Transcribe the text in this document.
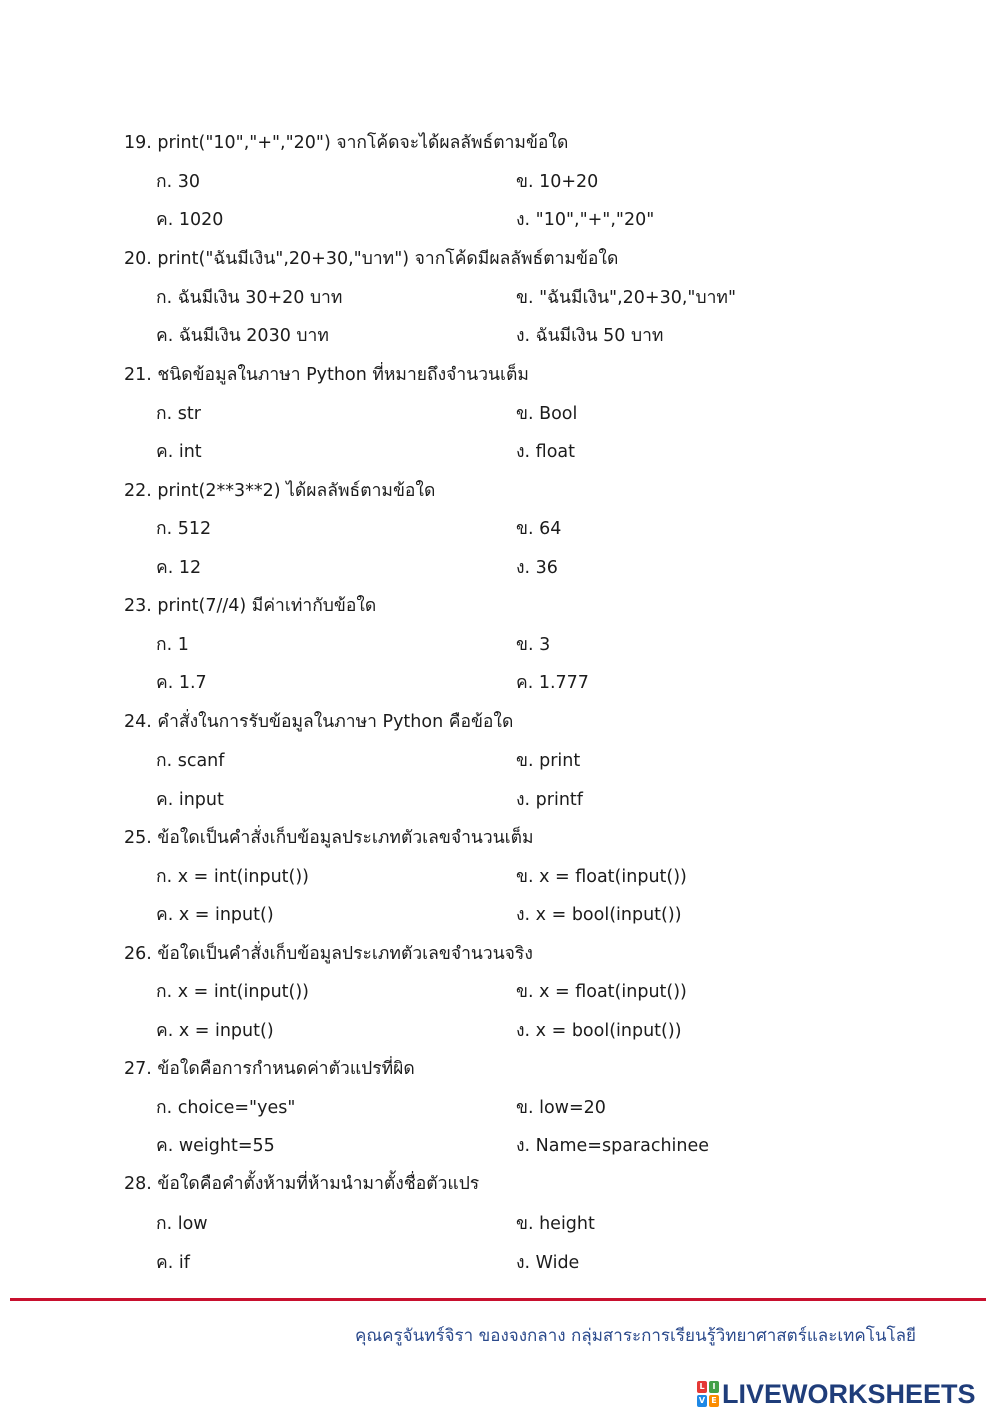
19. print("10","+","20") จากโค้ดจะได้ผลลัพธ์ตามข้อใด
ก. 30	ข. 10+20
ค. 1020	ง. "10","+","20"
20. print("ฉันมีเงิน",20+30,"บาท") จากโค้ดมีผลลัพธ์ตามข้อใด
ก. ฉันมีเงิน 30+20 บาท	ข. "ฉันมีเงิน",20+30,"บาท"
ค. ฉันมีเงิน 2030 บาท	ง. ฉันมีเงิน 50 บาท
21. ชนิดข้อมูลในภาษา Python ที่หมายถึงจำนวนเต็ม
ก. str	ข. Bool
ค. int	ง. float
22. print(2**3**2) ได้ผลลัพธ์ตามข้อใด
ก. 512	ข. 64
ค. 12	ง. 36
23. print(7//4) มีค่าเท่ากับข้อใด
ก. 1	ข. 3
ค. 1.7	ค. 1.777
24. คำสั่งในการรับข้อมูลในภาษา Python คือข้อใด
ก. scanf	ข. print
ค. input	ง. printf
25. ข้อใดเป็นคำสั่งเก็บข้อมูลประเภทตัวเลขจำนวนเต็ม
ก. x = int(input())	ข. x = float(input())
ค. x = input()	ง. x = bool(input())
26. ข้อใดเป็นคำสั่งเก็บข้อมูลประเภทตัวเลขจำนวนจริง
ก. x = int(input())	ข. x = float(input())
ค. x = input()	ง. x = bool(input())
27. ข้อใดคือการกำหนดค่าตัวแปรที่ผิด
ก. choice="yes"	ข. low=20
ค. weight=55	ง. Name=sparachinee
28. ข้อใดคือคำตั้งห้ามที่ห้ามนำมาตั้งชื่อตัวแปร
ก. low	ข. height
ค. if	ง. Wide
คุณครูจันทร์จิรา ของจงกลาง กลุ่มสาระการเรียนรู้วิทยาศาสตร์และเทคโนโลยี
L I
V E LIVEWORKSHEETS
